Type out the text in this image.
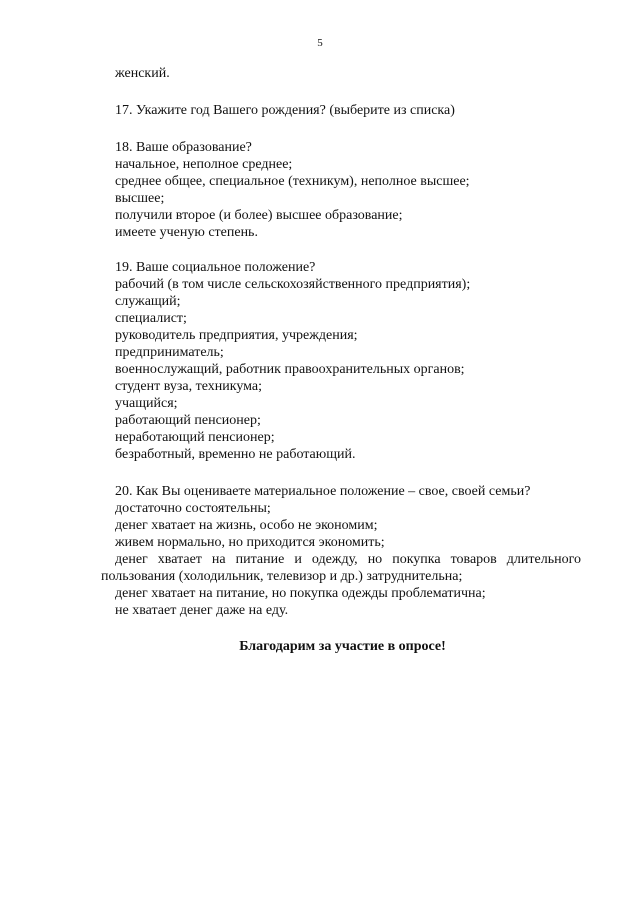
5
женский.
17. Укажите год Вашего рождения? (выберите из списка)
18. Ваше образование?
начальное, неполное среднее;
среднее общее, специальное (техникум), неполное высшее;
высшее;
получили второе (и более) высшее образование;
имеете ученую степень.
19. Ваше социальное положение?
рабочий (в том числе сельскохозяйственного предприятия);
служащий;
специалист;
руководитель предприятия, учреждения;
предприниматель;
военнослужащий, работник правоохранительных органов;
студент вуза, техникума;
учащийся;
работающий пенсионер;
неработающий пенсионер;
безработный, временно не работающий.
20. Как Вы оцениваете материальное положение – свое, своей семьи?
достаточно состоятельны;
денег хватает на жизнь, особо не экономим;
живем нормально, но приходится экономить;
денег хватает на питание и одежду, но покупка товаров длительного
пользования (холодильник, телевизор и др.) затруднительна;
денег хватает на питание, но покупка одежды проблематична;
не хватает денег даже на еду.
Благодарим за участие в опросе!
